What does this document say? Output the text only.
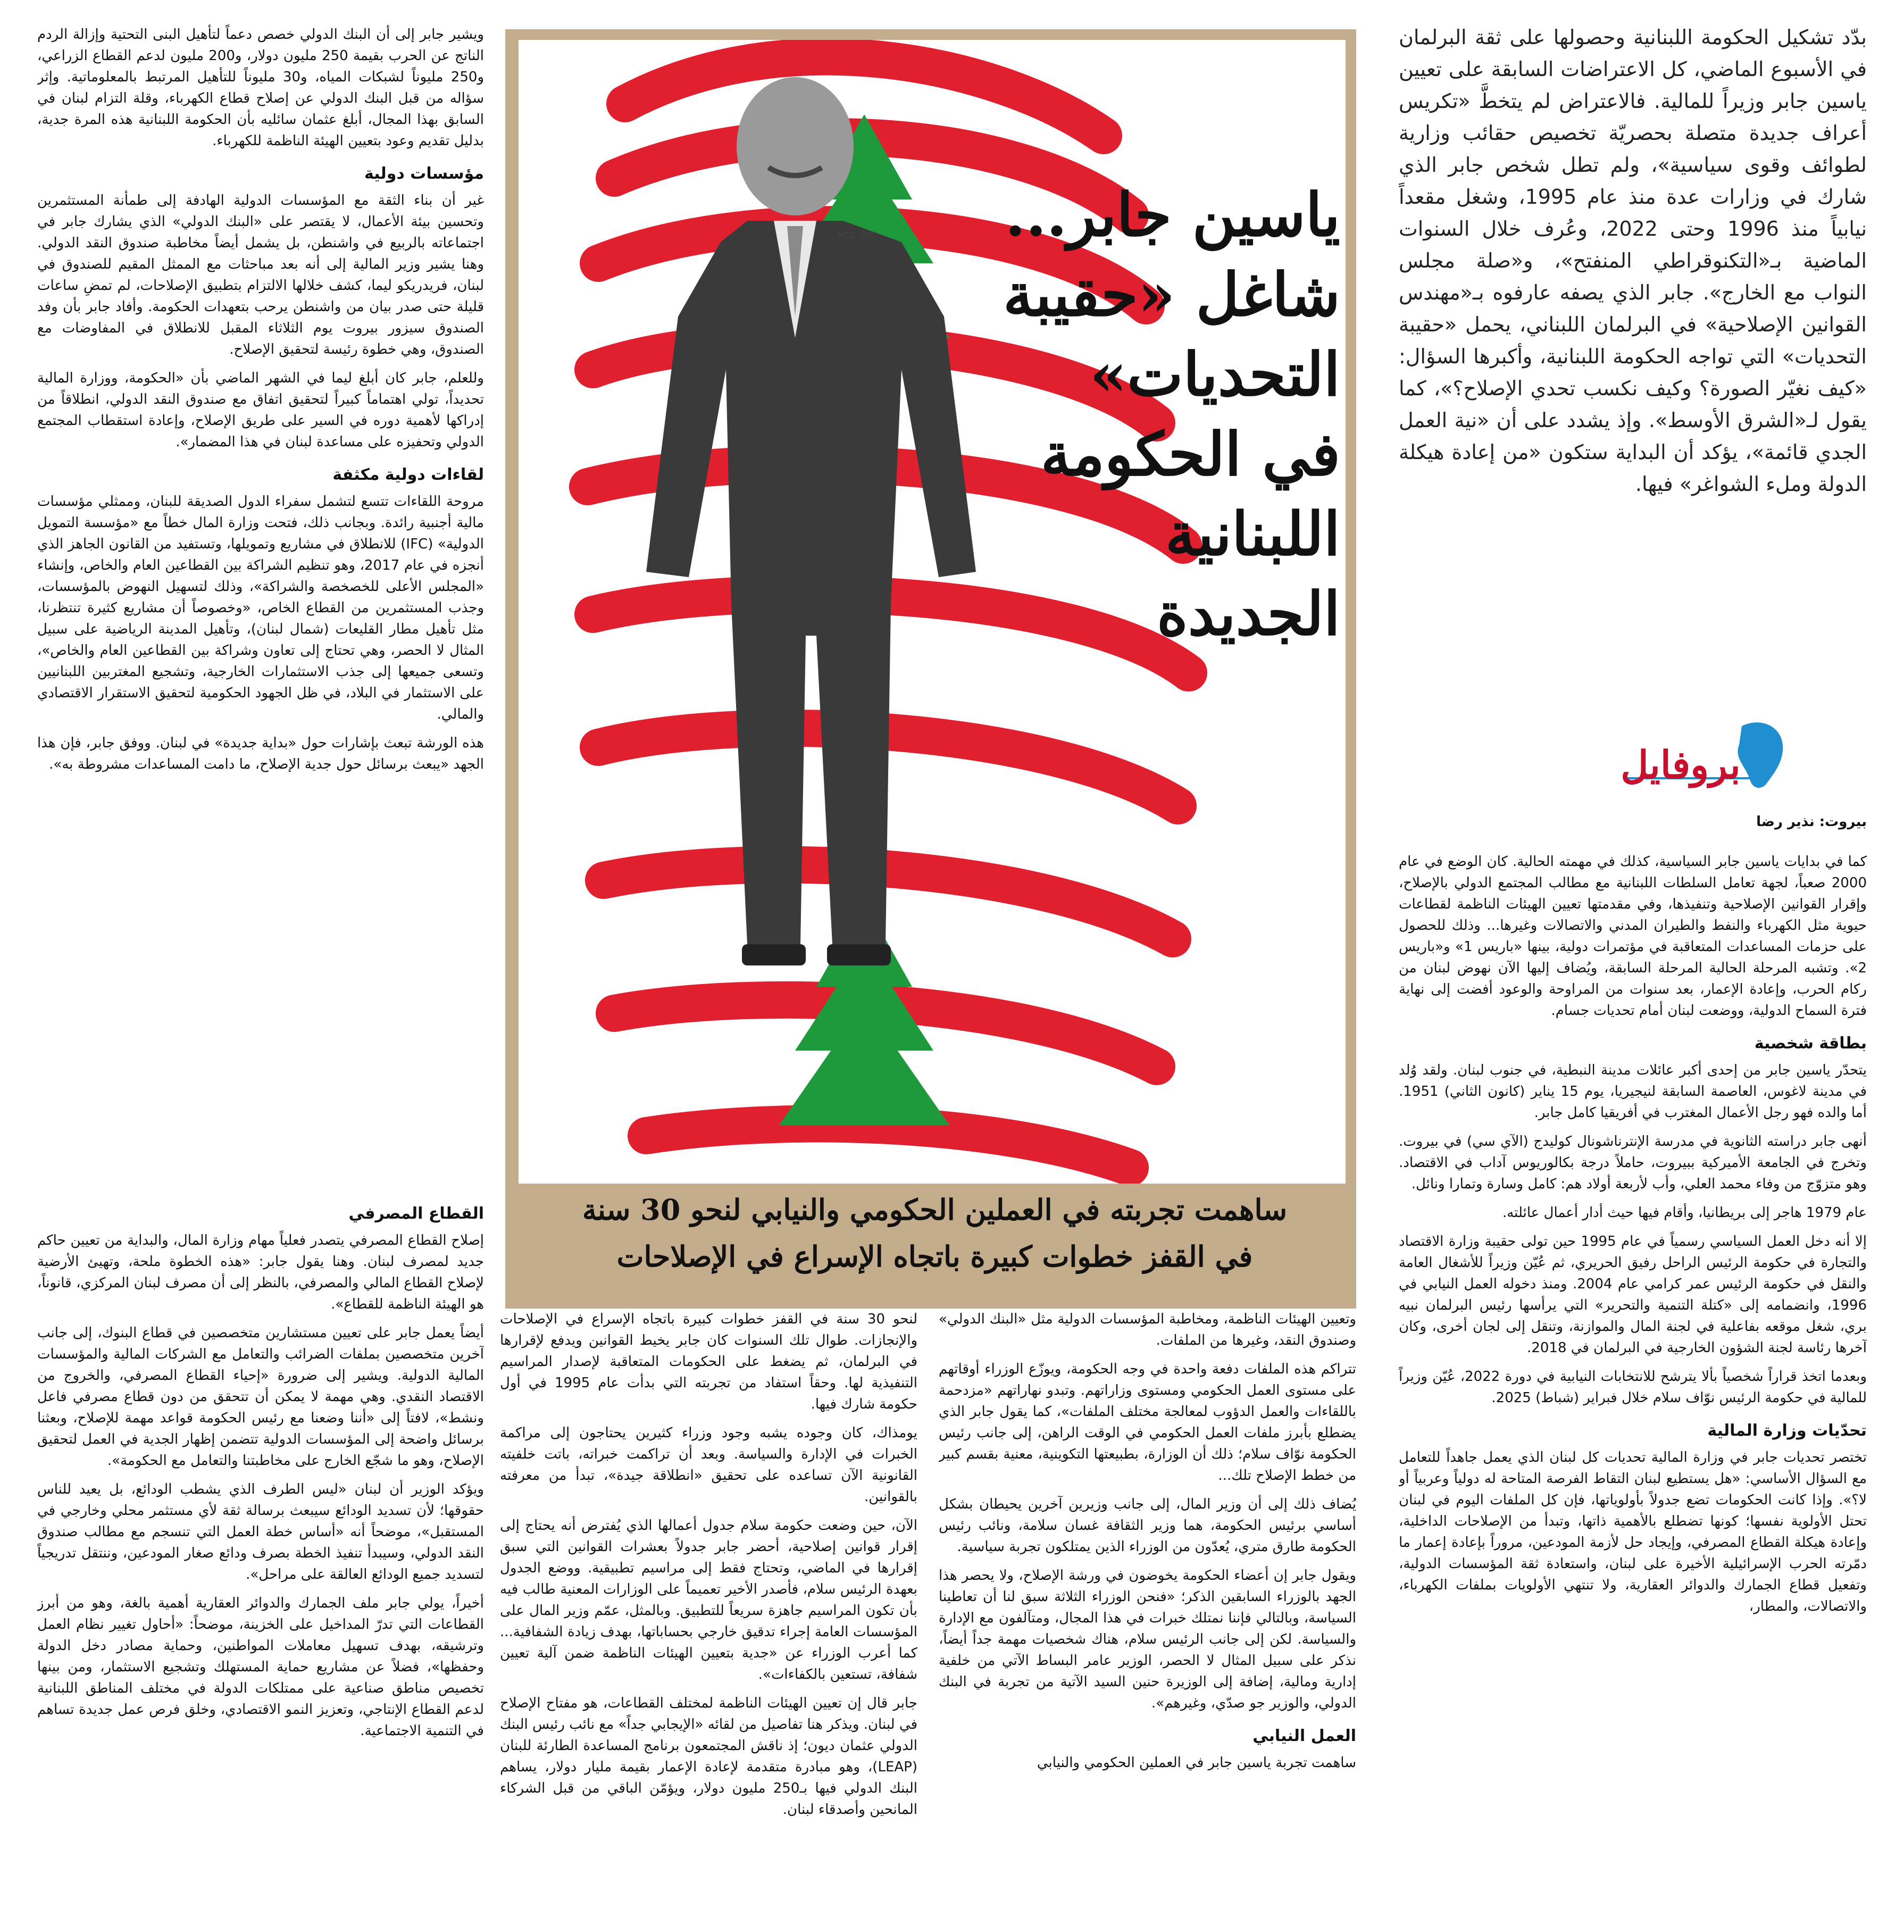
بدّد تشكيل الحكومة اللبنانية وحصولها على ثقة البرلمان في الأسبوع الماضي، كل الاعتراضات السابقة على تعيين ياسين جابر وزيراً للمالية. فالاعتراض لم يتخطَّ «تكريس أعراف جديدة متصلة بحصريّة تخصيص حقائب وزارية لطوائف وقوى سياسية»، ولم تطل شخص جابر الذي شارك في وزارات عدة منذ عام 1995، وشغل مقعداً نيابياً منذ 1996 وحتى 2022، وعُرف خلال السنوات الماضية بـ«التكنوقراطي المنفتح»، و«صلة مجلس النواب مع الخارج». جابر الذي يصفه عارفوه بـ«مهندس القوانين الإصلاحية» في البرلمان اللبناني، يحمل «حقيبة التحديات» التي تواجه الحكومة اللبنانية، وأكبرها السؤال: «كيف نغيّر الصورة؟ وكيف نكسب تحدي الإصلاح؟»، كما يقول لـ«الشرق الأوسط». وإذ يشدد على أن «نية العمل الجدي قائمة»، يؤكد أن البداية ستكون «من إعادة هيكلة الدولة وملء الشواغر» فيها.

بروفايل
بيروت: نذير رضا

كما في بدايات ياسين جابر السياسية، كذلك في مهمته الحالية. كان الوضع في عام 2000 صعباً، لجهة تعامل السلطات اللبنانية مع مطالب المجتمع الدولي بالإصلاح، وإقرار القوانين الإصلاحية وتنفيذها، وفي مقدمتها تعيين الهيئات الناظمة لقطاعات حيوية مثل الكهرباء والنفط والطيران المدني والاتصالات وغيرها... وذلك للحصول على حزمات المساعدات المتعاقبة في مؤتمرات دولية، بينها «باريس 1» و«باريس 2». وتشبه المرحلة الحالية المرحلة السابقة، ويُضاف إليها الآن نهوض لبنان من ركام الحرب، وإعادة الإعمار، بعد سنوات من المراوحة والوعود أفضت إلى نهاية فترة السماح الدولية، ووضعت لبنان أمام تحديات جسام.

بطاقة شخصية

يتحدّر ياسين جابر من إحدى أكبر عائلات مدينة النبطية، في جنوب لبنان. ولقد وُلد في مدينة لاغوس، العاصمة السابقة لنيجيريا، يوم 15 يناير (كانون الثاني) 1951. أما والده فهو رجل الأعمال المغترب في أفريقيا كامل جابر.

أنهى جابر دراسته الثانوية في مدرسة الإنترناشونال كوليدج (الآي سي) في بيروت. وتخرج في الجامعة الأميركية ببيروت، حاملاً درجة بكالوريوس آداب في الاقتصاد. وهو متزوّج من وفاء محمد العلي، وأب لأربعة أولاد هم: كامل وسارة وتمارا ونائل.

عام 1979 هاجر إلى بريطانيا، وأقام فيها حيث أدار أعمال عائلته.

إلا أنه دخل العمل السياسي رسمياً في عام 1995 حين تولى حقيبة وزارة الاقتصاد والتجارة في حكومة الرئيس الراحل رفيق الحريري، ثم عُيّن وزيراً للأشغال العامة والنقل في حكومة الرئيس عمر كرامي عام 2004. ومنذ دخوله العمل النيابي في 1996، وانضمامه إلى «كتلة التنمية والتحرير» التي يرأسها رئيس البرلمان نبيه بري، شغل موقعه بفاعلية في لجنة المال والموازنة، وتنقل إلى لجان أخرى، وكان آخرها رئاسة لجنة الشؤون الخارجية في البرلمان في 2018.

وبعدما اتخذ قراراً شخصياً بألا يترشح للانتخابات النيابية في دورة 2022، عُيّن وزيراً للمالية في حكومة الرئيس نوّاف سلام خلال فبراير (شباط) 2025.

تحدّيات وزارة المالية

تختصر تحديات جابر في وزارة المالية تحديات كل لبنان الذي يعمل جاهداً للتعامل مع السؤال الأساسي: «هل يستطيع لبنان التقاط الفرصة المتاحة له دولياً وعربياً أو لا؟». وإذا كانت الحكومات تضع جدولاً بأولوياتها، فإن كل الملفات اليوم في لبنان تحتل الأولوية نفسها؛ كونها تضطلع بالأهمية ذاتها، وتبدأ من الإصلاحات الداخلية، وإعادة هيكلة القطاع المصرفي، وإيجاد حل لأزمة المودعين، مروراً بإعادة إعمار ما دمّرته الحرب الإسرائيلية الأخيرة على لبنان، واستعادة ثقة المؤسسات الدولية، وتفعيل قطاع الجمارك والدوائر العقارية، ولا تنتهي الأولويات بملفات الكهرباء، والاتصالات، والمطار،

MCG 2025 ياسين جابر...
شاغل «حقيبة
التحديات»
في الحكومة
اللبنانية الجديدة
ساهمت تجربته في العملين الحكومي والنيابي لنحو 30 سنة
في القفز خطوات كبيرة باتجاه الإسراع في الإصلاحات

ويشير جابر إلى أن البنك الدولي خصص دعماً لتأهيل البنى التحتية وإزالة الردم الناتج عن الحرب بقيمة 250 مليون دولار، و200 مليون لدعم القطاع الزراعي، و250 مليوناً لشبكات المياه، و30 مليوناً للتأهيل المرتبط بالمعلوماتية. وإثر سؤاله من قبل البنك الدولي عن إصلاح قطاع الكهرباء، وقلة التزام لبنان في السابق بهذا المجال، أبلغ عثمان سائليه بأن الحكومة اللبنانية هذه المرة جدية، بدليل تقديم وعود بتعيين الهيئة الناظمة للكهرباء.

مؤسسات دولية

غير أن بناء الثقة مع المؤسسات الدولية الهادفة إلى طمأنة المستثمرين وتحسين بيئة الأعمال، لا يقتصر على «البنك الدولي» الذي يشارك جابر في اجتماعاته بالربيع في واشنطن، بل يشمل أيضاً مخاطبة صندوق النقد الدولي. وهنا يشير وزير المالية إلى أنه بعد مباحثات مع الممثل المقيم للصندوق في لبنان، فريدريكو ليما، كشف خلالها الالتزام بتطبيق الإصلاحات، لم تمضِ ساعات قليلة حتى صدر بيان من واشنطن يرحب بتعهدات الحكومة. وأفاد جابر بأن وفد الصندوق سيزور بيروت يوم الثلاثاء المقبل للانطلاق في المفاوضات مع الصندوق، وهي خطوة رئيسة لتحقيق الإصلاح.

وللعلم، جابر كان أبلغ ليما في الشهر الماضي بأن «الحكومة، ووزارة المالية تحديداً، تولي اهتماماً كبيراً لتحقيق اتفاق مع صندوق النقد الدولي، انطلاقاً من إدراكها لأهمية دوره في السير على طريق الإصلاح، وإعادة استقطاب المجتمع الدولي وتحفيزه على مساعدة لبنان في هذا المضمار».

لقاءات دولية مكثفة

مروحة اللقاءات تتسع لتشمل سفراء الدول الصديقة للبنان، وممثلي مؤسسات مالية أجنبية رائدة. وبجانب ذلك، فتحت وزارة المال خطاً مع «مؤسسة التمويل الدولية» (IFC) للانطلاق في مشاريع وتمويلها، وتستفيد من القانون الجاهز الذي أنجزه في عام 2017، وهو تنظيم الشراكة بين القطاعين العام والخاص، وإنشاء «المجلس الأعلى للخصخصة والشراكة»، وذلك لتسهيل النهوض بالمؤسسات، وجذب المستثمرين من القطاع الخاص، «وخصوصاً أن مشاريع كثيرة تنتظرنا، مثل تأهيل مطار القليعات (شمال لبنان)، وتأهيل المدينة الرياضية على سبيل المثال لا الحصر، وهي تحتاج إلى تعاون وشراكة بين القطاعين العام والخاص»، وتسعى جميعها إلى جذب الاستثمارات الخارجية، وتشجيع المغتربين اللبنانيين على الاستثمار في البلاد، في ظل الجهود الحكومية لتحقيق الاستقرار الاقتصادي والمالي.

هذه الورشة تبعث بإشارات حول «بداية جديدة» في لبنان. ووفق جابر، فإن هذا الجهد «يبعث برسائل حول جدية الإصلاح، ما دامت المساعدات مشروطة به».

القطاع المصرفي

إصلاح القطاع المصرفي يتصدر فعلياً مهام وزارة المال، والبداية من تعيين حاكم جديد لمصرف لبنان. وهنا يقول جابر: «هذه الخطوة ملحة، وتهيئ الأرضية لإصلاح القطاع المالي والمصرفي، بالنظر إلى أن مصرف لبنان المركزي، قانوناً، هو الهيئة الناظمة للقطاع».

أيضاً يعمل جابر على تعيين مستشارين متخصصين في قطاع البنوك، إلى جانب آخرين متخصصين بملفات الضرائب والتعامل مع الشركات المالية والمؤسسات المالية الدولية. ويشير إلى ضرورة «إحياء القطاع المصرفي، والخروج من الاقتصاد النقدي. وهي مهمة لا يمكن أن تتحقق من دون قطاع مصرفي فاعل ونشط»، لافتاً إلى «أننا وضعنا مع رئيس الحكومة قواعد مهمة للإصلاح، وبعثنا برسائل واضحة إلى المؤسسات الدولية تتضمن إظهار الجدية في العمل لتحقيق الإصلاح، وهو ما شجّع الخارج على مخاطبتنا والتعامل مع الحكومة».

ويؤكد الوزير أن لبنان «ليس الطرف الذي يشطب الودائع، بل يعيد للناس حقوقها؛ لأن تسديد الودائع سيبعث برسالة ثقة لأي مستثمر محلي وخارجي في المستقبل»، موضحاً أنه «أساس خطة العمل التي تنسجم مع مطالب صندوق النقد الدولي، وسيبدأ تنفيذ الخطة بصرف ودائع صغار المودعين، وننتقل تدريجياً لتسديد جميع الودائع العالقة على مراحل».

أخيراً، يولي جابر ملف الجمارك والدوائر العقارية أهمية بالغة، وهو من أبرز القطاعات التي تدرّ المداخيل على الخزينة، موضحاً: «أحاول تغيير نظام العمل وترشيقه، بهدف تسهيل معاملات المواطنين، وحماية مصادر دخل الدولة وحفظها»، فضلاً عن مشاريع حماية المستهلك وتشجيع الاستثمار، ومن بينها تخصيص مناطق صناعية على ممتلكات الدولة في مختلف المناطق اللبنانية لدعم القطاع الإنتاجي، وتعزيز النمو الاقتصادي، وخلق فرص عمل جديدة تساهم في التنمية الاجتماعية.

وتعيين الهيئات الناظمة، ومخاطبة المؤسسات الدولية مثل «البنك الدولي» وصندوق النقد، وغيرها من الملفات.

تتراكم هذه الملفات دفعة واحدة في وجه الحكومة، ويوزّع الوزراء أوقاتهم على مستوى العمل الحكومي ومستوى وزاراتهم. وتبدو نهاراتهم «مزدحمة باللقاءات والعمل الدؤوب لمعالجة مختلف الملفات»، كما يقول جابر الذي يضطلع بأبرز ملفات العمل الحكومي في الوقت الراهن، إلى جانب رئيس الحكومة نوّاف سلام؛ ذلك أن الوزارة، بطبيعتها التكوينية، معنية بقسم كبير من خطط الإصلاح تلك...

يُضاف ذلك إلى أن وزير المال، إلى جانب وزيرين آخرين يحيطان بشكل أساسي برئيس الحكومة، هما وزير الثقافة غسان سلامة، ونائب رئيس الحكومة طارق متري، يُعدّون من الوزراء الذين يمتلكون تجربة سياسية.

ويقول جابر إن أعضاء الحكومة يخوضون في ورشة الإصلاح، ولا يحصر هذا الجهد بالوزراء السابقين الذكر؛ «فنحن الوزراء الثلاثة سبق لنا أن تعاطينا السياسة، وبالتالي فإننا نمتلك خبرات في هذا المجال، ومتآلفون مع الإدارة والسياسة. لكن إلى جانب الرئيس سلام، هناك شخصيات مهمة جداً أيضاً، نذكر على سبيل المثال لا الحصر، الوزير عامر البساط الآتي من خلفية إدارية ومالية، إضافة إلى الوزيرة حنين السيد الآتية من تجربة في البنك الدولي، والوزير جو صدّي، وغيرهم».

العمل النيابي

ساهمت تجربة ياسين جابر في العملين الحكومي والنيابي

لنحو 30 سنة في القفز خطوات كبيرة باتجاه الإسراع في الإصلاحات والإنجازات. طوال تلك السنوات كان جابر يخيط القوانين ويدفع لإقرارها في البرلمان، ثم يضغط على الحكومات المتعاقبة لإصدار المراسيم التنفيذية لها. وحقاً استفاد من تجربته التي بدأت عام 1995 في أول حكومة شارك فيها.

يومذاك، كان وجوده يشبه وجود وزراء كثيرين يحتاجون إلى مراكمة الخبرات في الإدارة والسياسة. وبعد أن تراكمت خبراته، باتت خلفيته القانونية الآن تساعده على تحقيق «انطلاقة جيدة»، تبدأ من معرفته بالقوانين.

الآن، حين وضعت حكومة سلام جدول أعمالها الذي يُفترض أنه يحتاج إلى إقرار قوانين إصلاحية، أحضر جابر جدولاً بعشرات القوانين التي سبق إقرارها في الماضي، وتحتاج فقط إلى مراسيم تطبيقية. ووضع الجدول بعهدة الرئيس سلام، فأصدر الأخير تعميماً على الوزارات المعنية طالب فيه بأن تكون المراسيم جاهزة سريعاً للتطبيق. وبالمثل، عمّم وزير المال على المؤسسات العامة إجراء تدقيق خارجي بحساباتها، بهدف زيادة الشفافية... كما أعرب الوزراء عن «جدية بتعيين الهيئات الناظمة ضمن آلية تعيين شفافة، تستعين بالكفاءات».

جابر قال إن تعيين الهيئات الناظمة لمختلف القطاعات، هو مفتاح الإصلاح في لبنان. ويذكر هنا تفاصيل من لقائه «الإيجابي جداً» مع نائب رئيس البنك الدولي عثمان ديون؛ إذ ناقش المجتمعون برنامج المساعدة الطارئة للبنان (LEAP)، وهو مبادرة متقدمة لإعادة الإعمار بقيمة مليار دولار، يساهم البنك الدولي فيها بـ250 مليون دولار، ويؤمّن الباقي من قبل الشركاء المانحين وأصدقاء لبنان.
